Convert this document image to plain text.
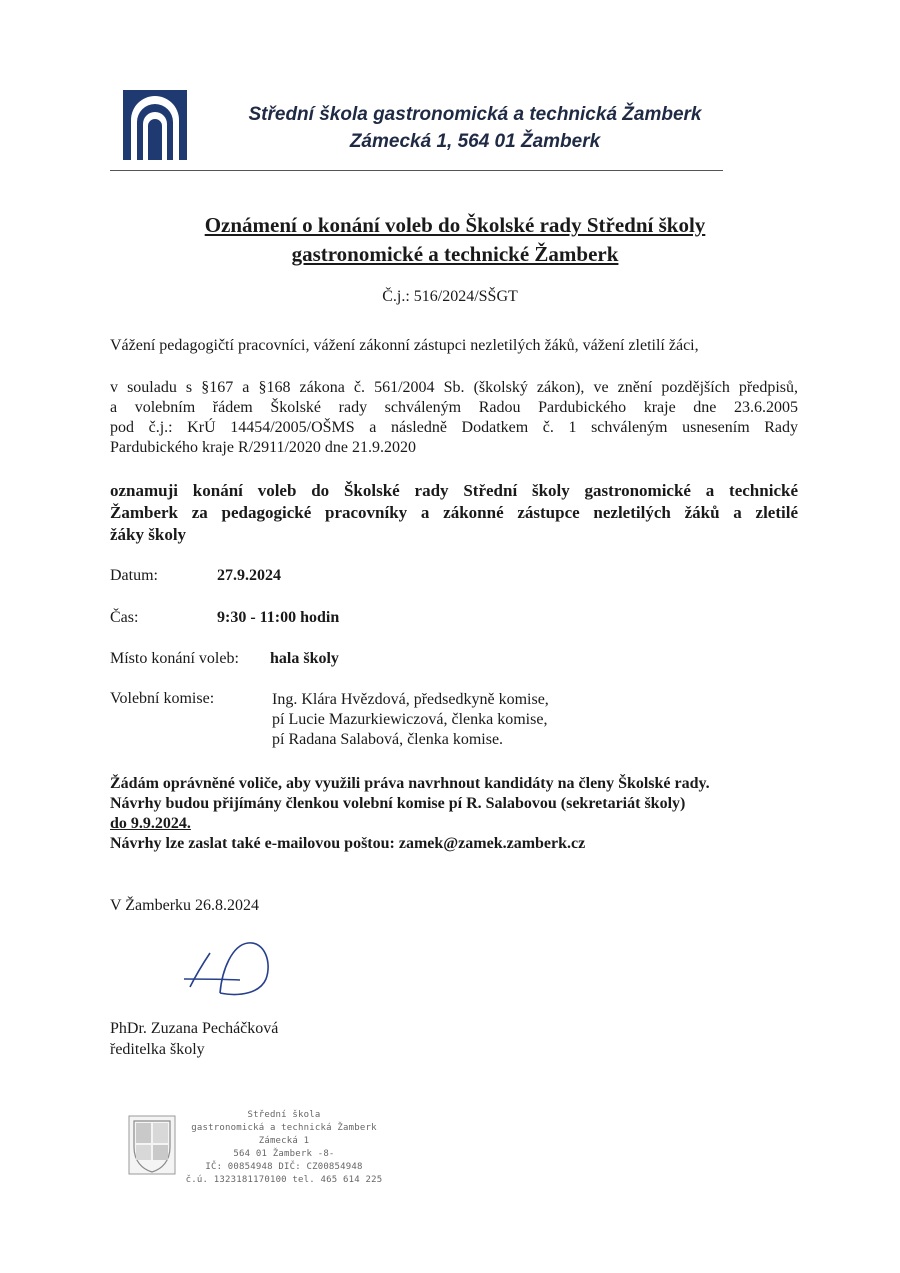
Střední škola gastronomická a technická Žamberk
Zámecká 1, 564 01 Žamberk
Oznámení o konání voleb do Školské rady Střední školy
gastronomické a technické Žamberk
Č.j.: 516/2024/SŠGT
Vážení pedagogičtí pracovníci, vážení zákonní zástupci nezletilých žáků, vážení zletilí žáci,
v souladu s §167 a §168 zákona č. 561/2004 Sb. (školský zákon), ve znění pozdějších předpisů,
a volebním řádem Školské rady schváleným Radou Pardubického kraje dne 23.6.2005
pod č.j.: KrÚ 14454/2005/OŠMS a následně Dodatkem č. 1 schváleným usnesením Rady
Pardubického kraje R/2911/2020 dne 21.9.2020
oznamuji konání voleb do Školské rady Střední školy gastronomické a technické
Žamberk za pedagogické pracovníky a zákonné zástupce nezletilých žáků a zletilé
žáky školy
Datum:	27.9.2024
Čas:	9:30 - 11:00 hodin
Místo konání voleb: hala školy
Volební komise:	Ing. Klára Hvězdová, předsedkyně komise,
pí Lucie Mazurkiewiczová, členka komise,
pí Radana Salabová, členka komise.
Žádám oprávněné voliče, aby využili práva navrhnout kandidáty na členy Školské rady.
Návrhy budou přijímány členkou volební komise pí R. Salabovou (sekretariát školy)
do 9.9.2024.
Návrhy lze zaslat také e-mailovou poštou: zamek@zamek.zamberk.cz
V Žamberku 26.8.2024
PhDr. Zuzana Pecháčková
ředitelka školy
Střední škola
gastronomická a technická Žamberk
Zámecká 1
564 01 Žamberk -8-
IČ: 00854948 DIČ: CZ00854948
č.ú. 1323181170100 tel. 465 614 225
